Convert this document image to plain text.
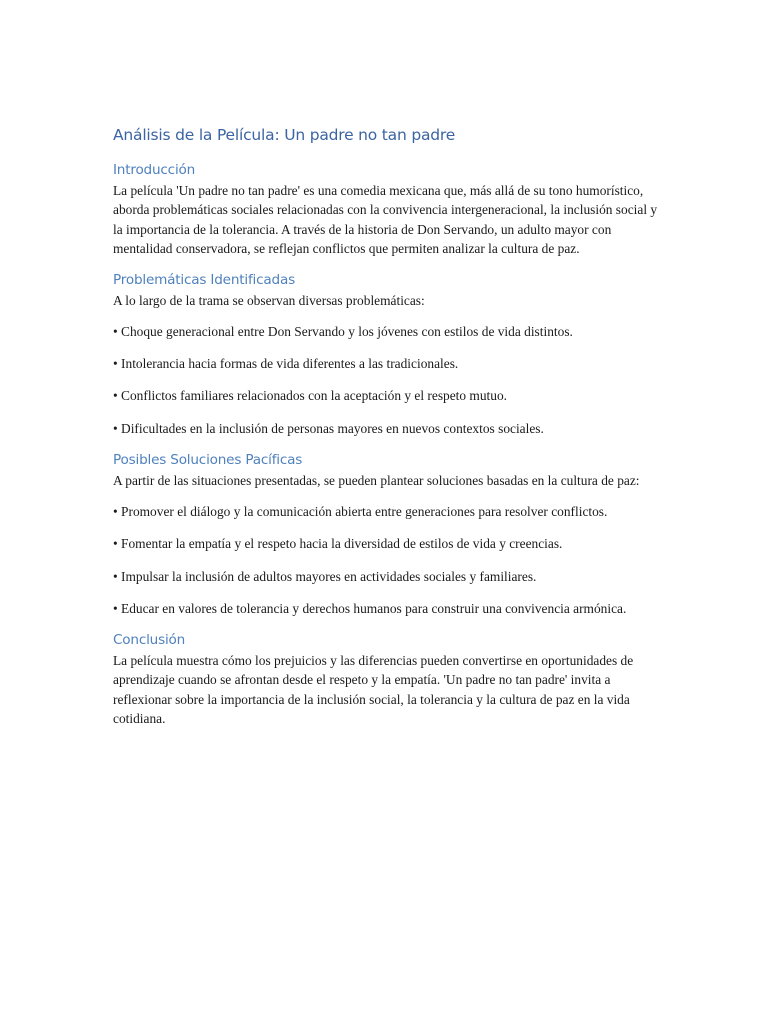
Análisis de la Película: Un padre no tan padre
Introducción

La película 'Un padre no tan padre' es una comedia mexicana que, más allá de su tono humorístico, aborda problemáticas sociales relacionadas con la convivencia intergeneracional, la inclusión social y la importancia de la tolerancia. A través de la historia de Don Servando, un adulto mayor con mentalidad conservadora, se reflejan conflictos que permiten analizar la cultura de paz.

Problemáticas Identificadas

A lo largo de la trama se observan diversas problemáticas:

• Choque generacional entre Don Servando y los jóvenes con estilos de vida distintos.

• Intolerancia hacia formas de vida diferentes a las tradicionales.

• Conflictos familiares relacionados con la aceptación y el respeto mutuo.

• Dificultades en la inclusión de personas mayores en nuevos contextos sociales.

Posibles Soluciones Pacíficas

A partir de las situaciones presentadas, se pueden plantear soluciones basadas en la cultura de paz:

• Promover el diálogo y la comunicación abierta entre generaciones para resolver conflictos.

• Fomentar la empatía y el respeto hacia la diversidad de estilos de vida y creencias.

• Impulsar la inclusión de adultos mayores en actividades sociales y familiares.

• Educar en valores de tolerancia y derechos humanos para construir una convivencia armónica.

Conclusión

La película muestra cómo los prejuicios y las diferencias pueden convertirse en oportunidades de aprendizaje cuando se afrontan desde el respeto y la empatía. 'Un padre no tan padre' invita a reflexionar sobre la importancia de la inclusión social, la tolerancia y la cultura de paz en la vida cotidiana.
